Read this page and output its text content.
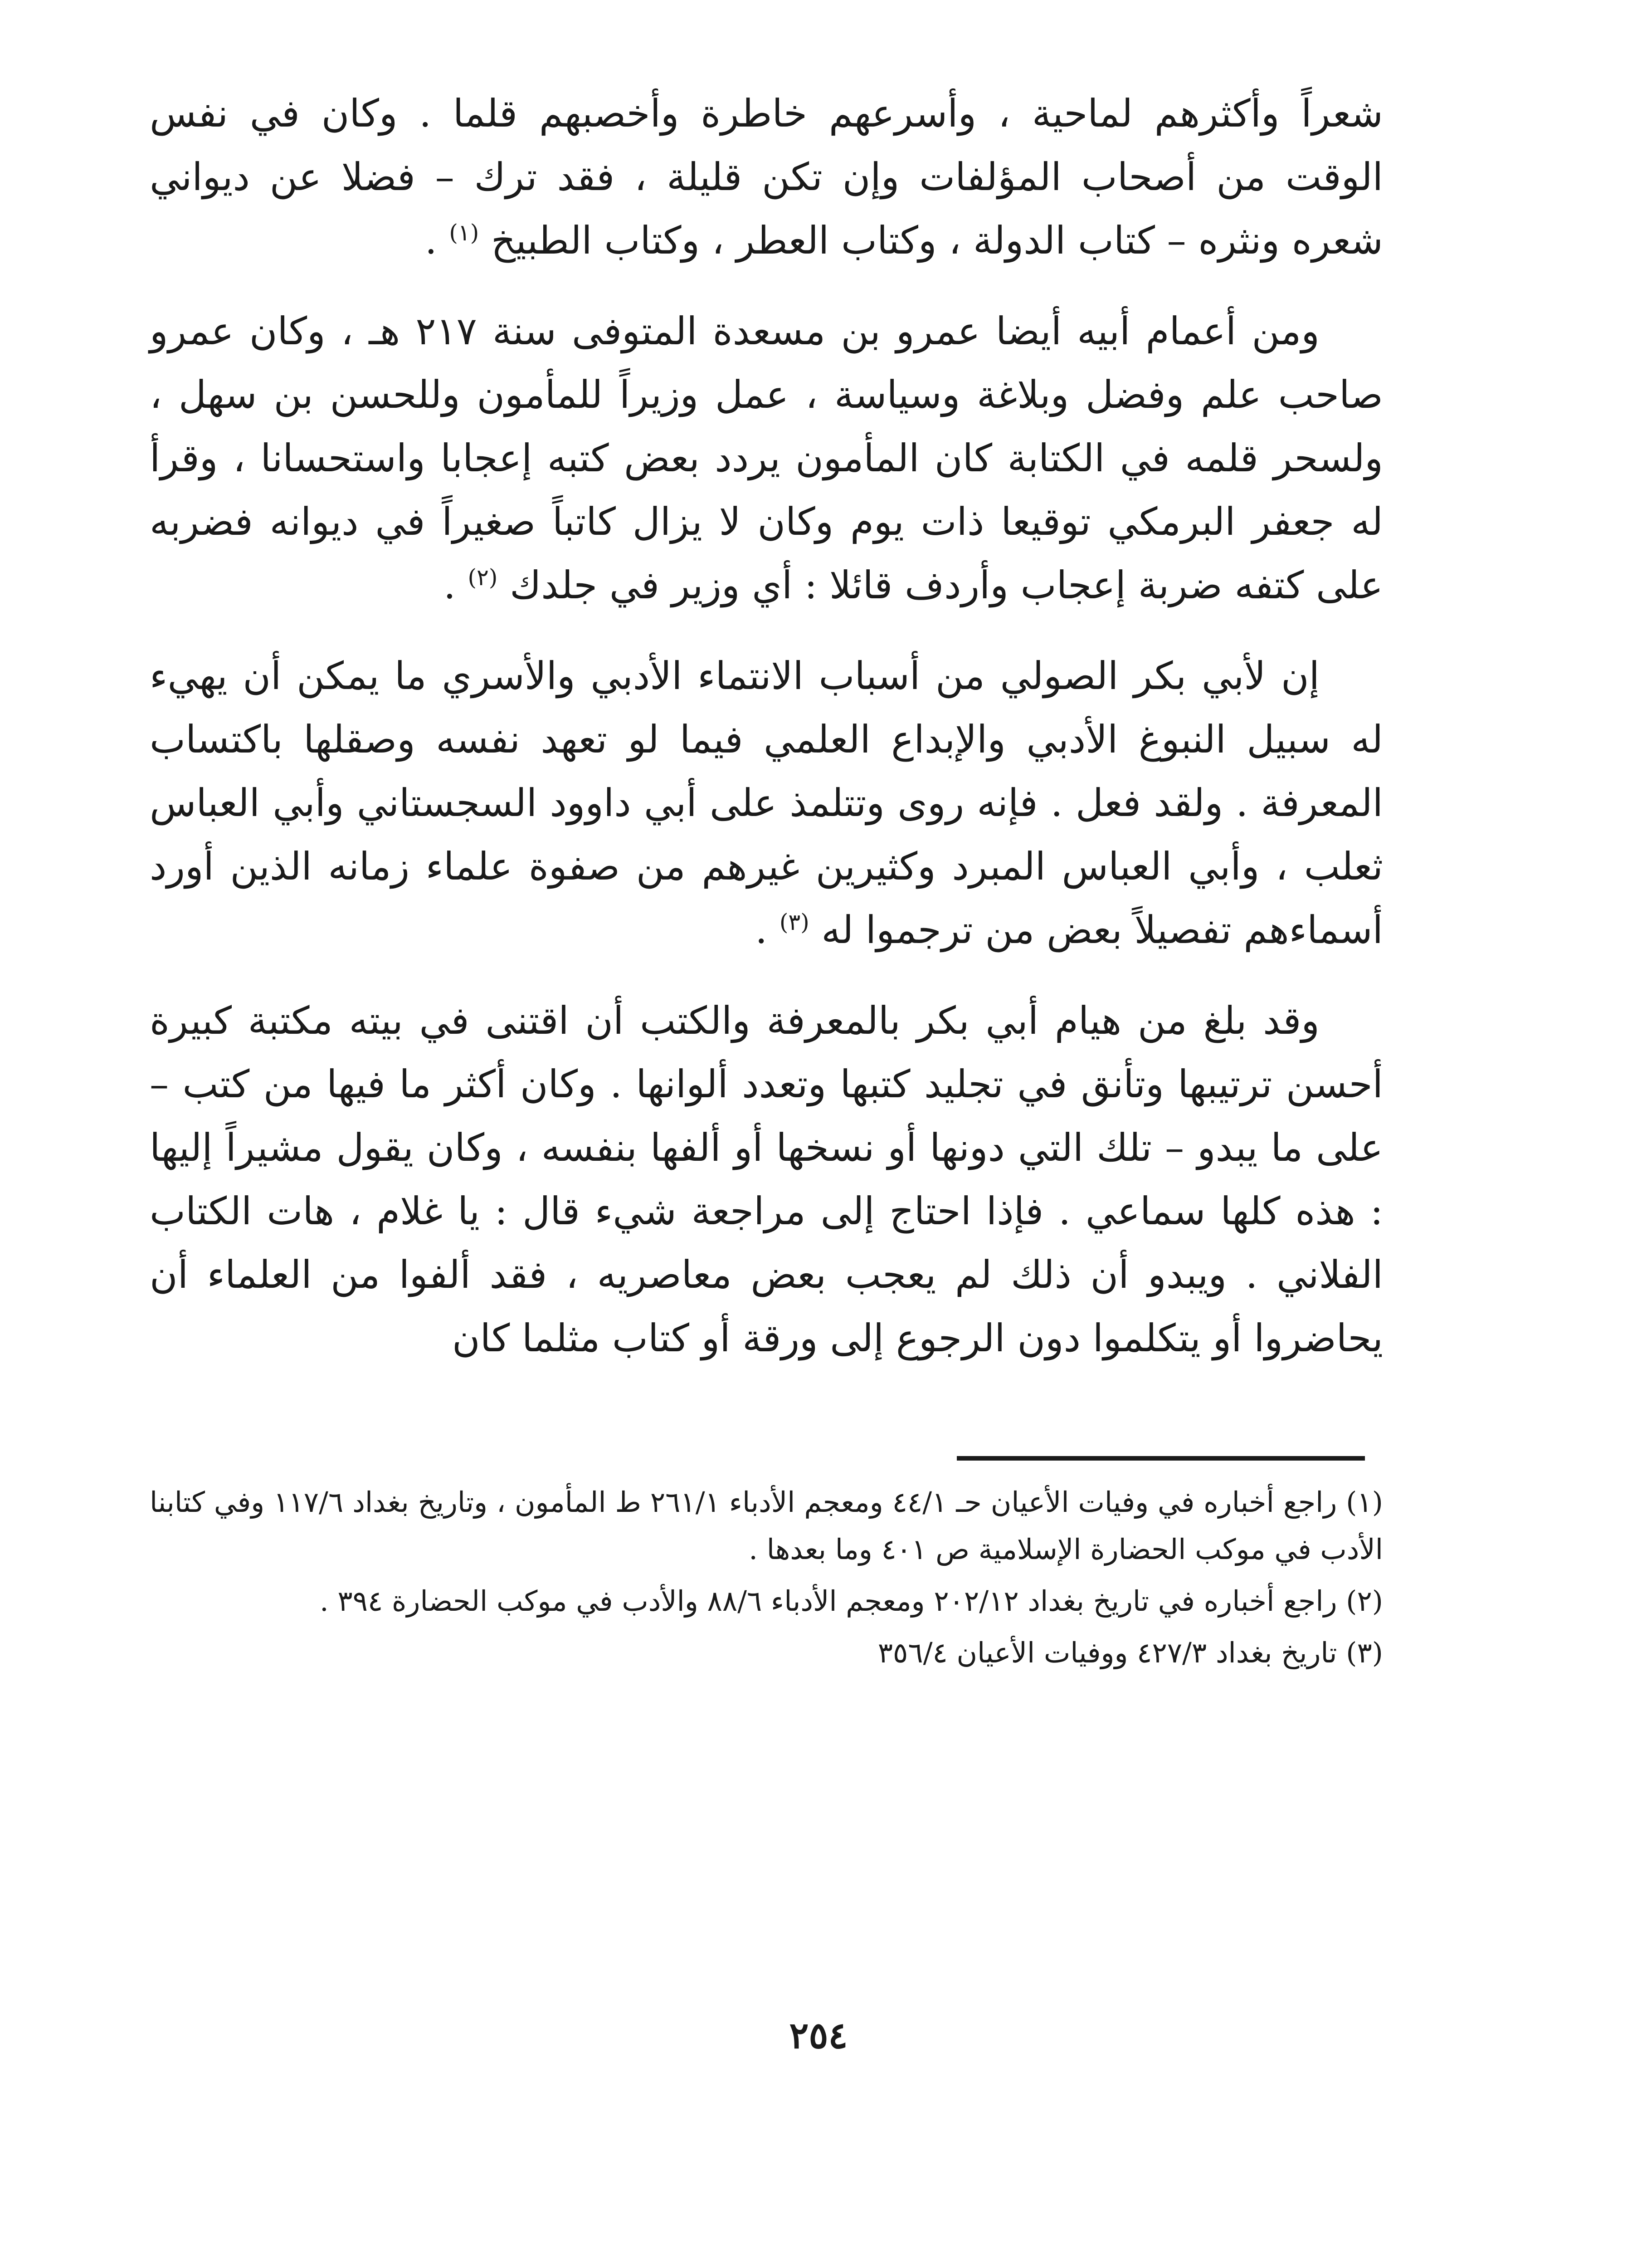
شعراً وأكثرهم لماحية ، وأسرعهم خاطرة وأخصبهم قلما . وكان في نفس الوقت من أصحاب المؤلفات وإن تكن قليلة ، فقد ترك – فضلا عن ديواني شعره ونثره – كتاب الدولة ، وكتاب العطر ، وكتاب الطبيخ $^{(١)}$ .

ومن أعمام أبيه أيضا عمرو بن مسعدة المتوفى سنة ٢١٧ هـ ، وكان عمرو صاحب علم وفضل وبلاغة وسياسة ، عمل وزيراً للمأمون وللحسن بن سهل ، ولسحر قلمه في الكتابة كان المأمون يردد بعض كتبه إعجابا واستحسانا ، وقرأ له جعفر البرمكي توقيعا ذات يوم وكان لا يزال كاتباً صغيراً في ديوانه فضربه على كتفه ضربة إعجاب وأردف قائلا : أي وزير في جلدك $^{(٢)}$ .

إن لأبي بكر الصولي من أسباب الانتماء الأدبي والأسري ما يمكن أن يهيء له سبيل النبوغ الأدبي والإبداع العلمي فيما لو تعهد نفسه وصقلها باكتساب المعرفة . ولقد فعل . فإنه روى وتتلمذ على أبي داوود السجستاني وأبي العباس ثعلب ، وأبي العباس المبرد وكثيرين غيرهم من صفوة علماء زمانه الذين أورد أسماءهم تفصيلاً بعض من ترجموا له $^{(٣)}$ .

وقد بلغ من هيام أبي بكر بالمعرفة والكتب أن اقتنى في بيته مكتبة كبيرة أحسن ترتيبها وتأنق في تجليد كتبها وتعدد ألوانها . وكان أكثر ما فيها من كتب – على ما يبدو – تلك التي دونها أو نسخها أو ألفها بنفسه ، وكان يقول مشيراً إليها : هذه كلها سماعي . فإذا احتاج إلى مراجعة شيء قال : يا غلام ، هات الكتاب الفلاني . ويبدو أن ذلك لم يعجب بعض معاصريه ، فقد ألفوا من العلماء أن يحاضروا أو يتكلموا دون الرجوع إلى ورقة أو كتاب مثلما كان

(١) راجع أخباره في وفيات الأعيان حـ ٤٤/١ ومعجم الأدباء ٢٦١/١ ط المأمون ، وتاريخ بغداد ١١٧/٦ وفي كتابنا الأدب في موكب الحضارة الإسلامية ص ٤٠١ وما بعدها .

(٢) راجع أخباره في تاريخ بغداد ٢٠٢/١٢ ومعجم الأدباء ٨٨/٦ والأدب في موكب الحضارة ٣٩٤ .

(٣) تاريخ بغداد ٤٢٧/٣ ووفيات الأعيان ٣٥٦/٤

٢٥٤
